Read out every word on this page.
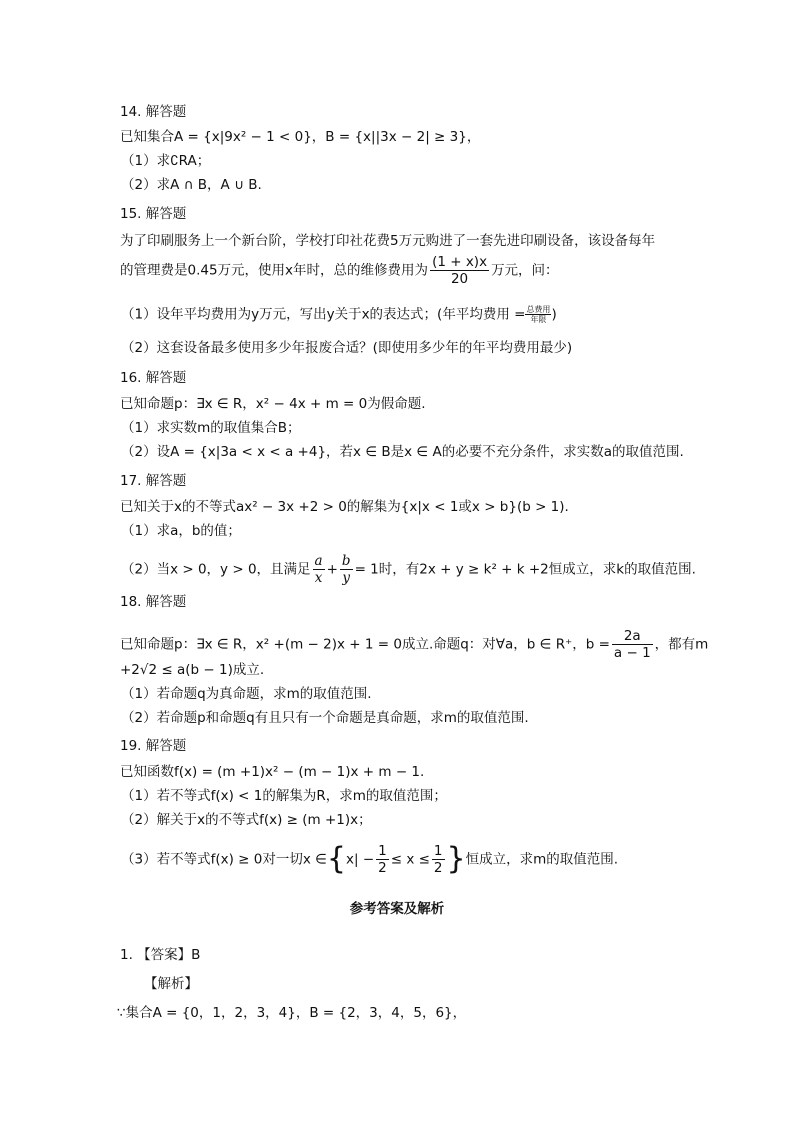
14. 解答题
已知集合A = {x|9x² − 1 < 0}，B = {x||3x − 2| ≥ 3}，
（1）求∁RA；
（2）求A ∩ B，A ∪ B.
15. 解答题
为了印刷服务上一个新台阶，学校打印社花费5万元购进了一套先进印刷设备，该设备每年
的管理费是0.45万元，使用x年时，总的维修费用为 $\frac{(1 + x)x}{20}$ 万元，问：
（1）设年平均费用为y万元，写出y关于x的表达式；(年平均费用 = $\frac{\text{总费用}}{\text{年限}}$ )
（2）这套设备最多使用多少年报废合适？(即使用多少年的年平均费用最少)
16. 解答题
已知命题p：∃x ∈ R，x² − 4x + m = 0为假命题.
（1）求实数m的取值集合B；
（2）设A = {x|3a < x < a +4}，若x ∈ B是x ∈ A的必要不充分条件，求实数a的取值范围.
17. 解答题
已知关于x的不等式ax² − 3x +2 > 0的解集为{x|x < 1或x > b}(b > 1).
（1）求a，b的值；
（2）当x > 0，y > 0，且满足 $\frac{a}{x} + \frac{b}{y} = 1$时，有2x + y ≥ k² + k +2恒成立，求k的取值范围.
18. 解答题
已知命题p：∃x ∈ R，x² +(m − 2)x + 1 = 0成立.命题q：对∀a，b ∈ R⁺，$b = \frac{2a}{a - 1}$ ，都有m
+2√2 ≤ a(b − 1)成立.
（1）若命题q为真命题，求m的取值范围.
（2）若命题p和命题q有且只有一个命题是真命题，求m的取值范围.
19. 解答题
已知函数f(x) = (m +1)x² − (m − 1)x + m − 1.
（1）若不等式f(x) < 1的解集为R，求m的取值范围；
（2）解关于x的不等式f(x) ≥ (m +1)x；
（3）若不等式f(x) ≥ 0对一切x ∈{x| − $\frac{1}{2} \le x \le \frac{1}{2}$ }恒成立，求m的取值范围.
参考答案及解析
1. 【答案】B
【解析】
∵集合A = {0，1，2，3，4}，B = {2，3，4，5，6}，
